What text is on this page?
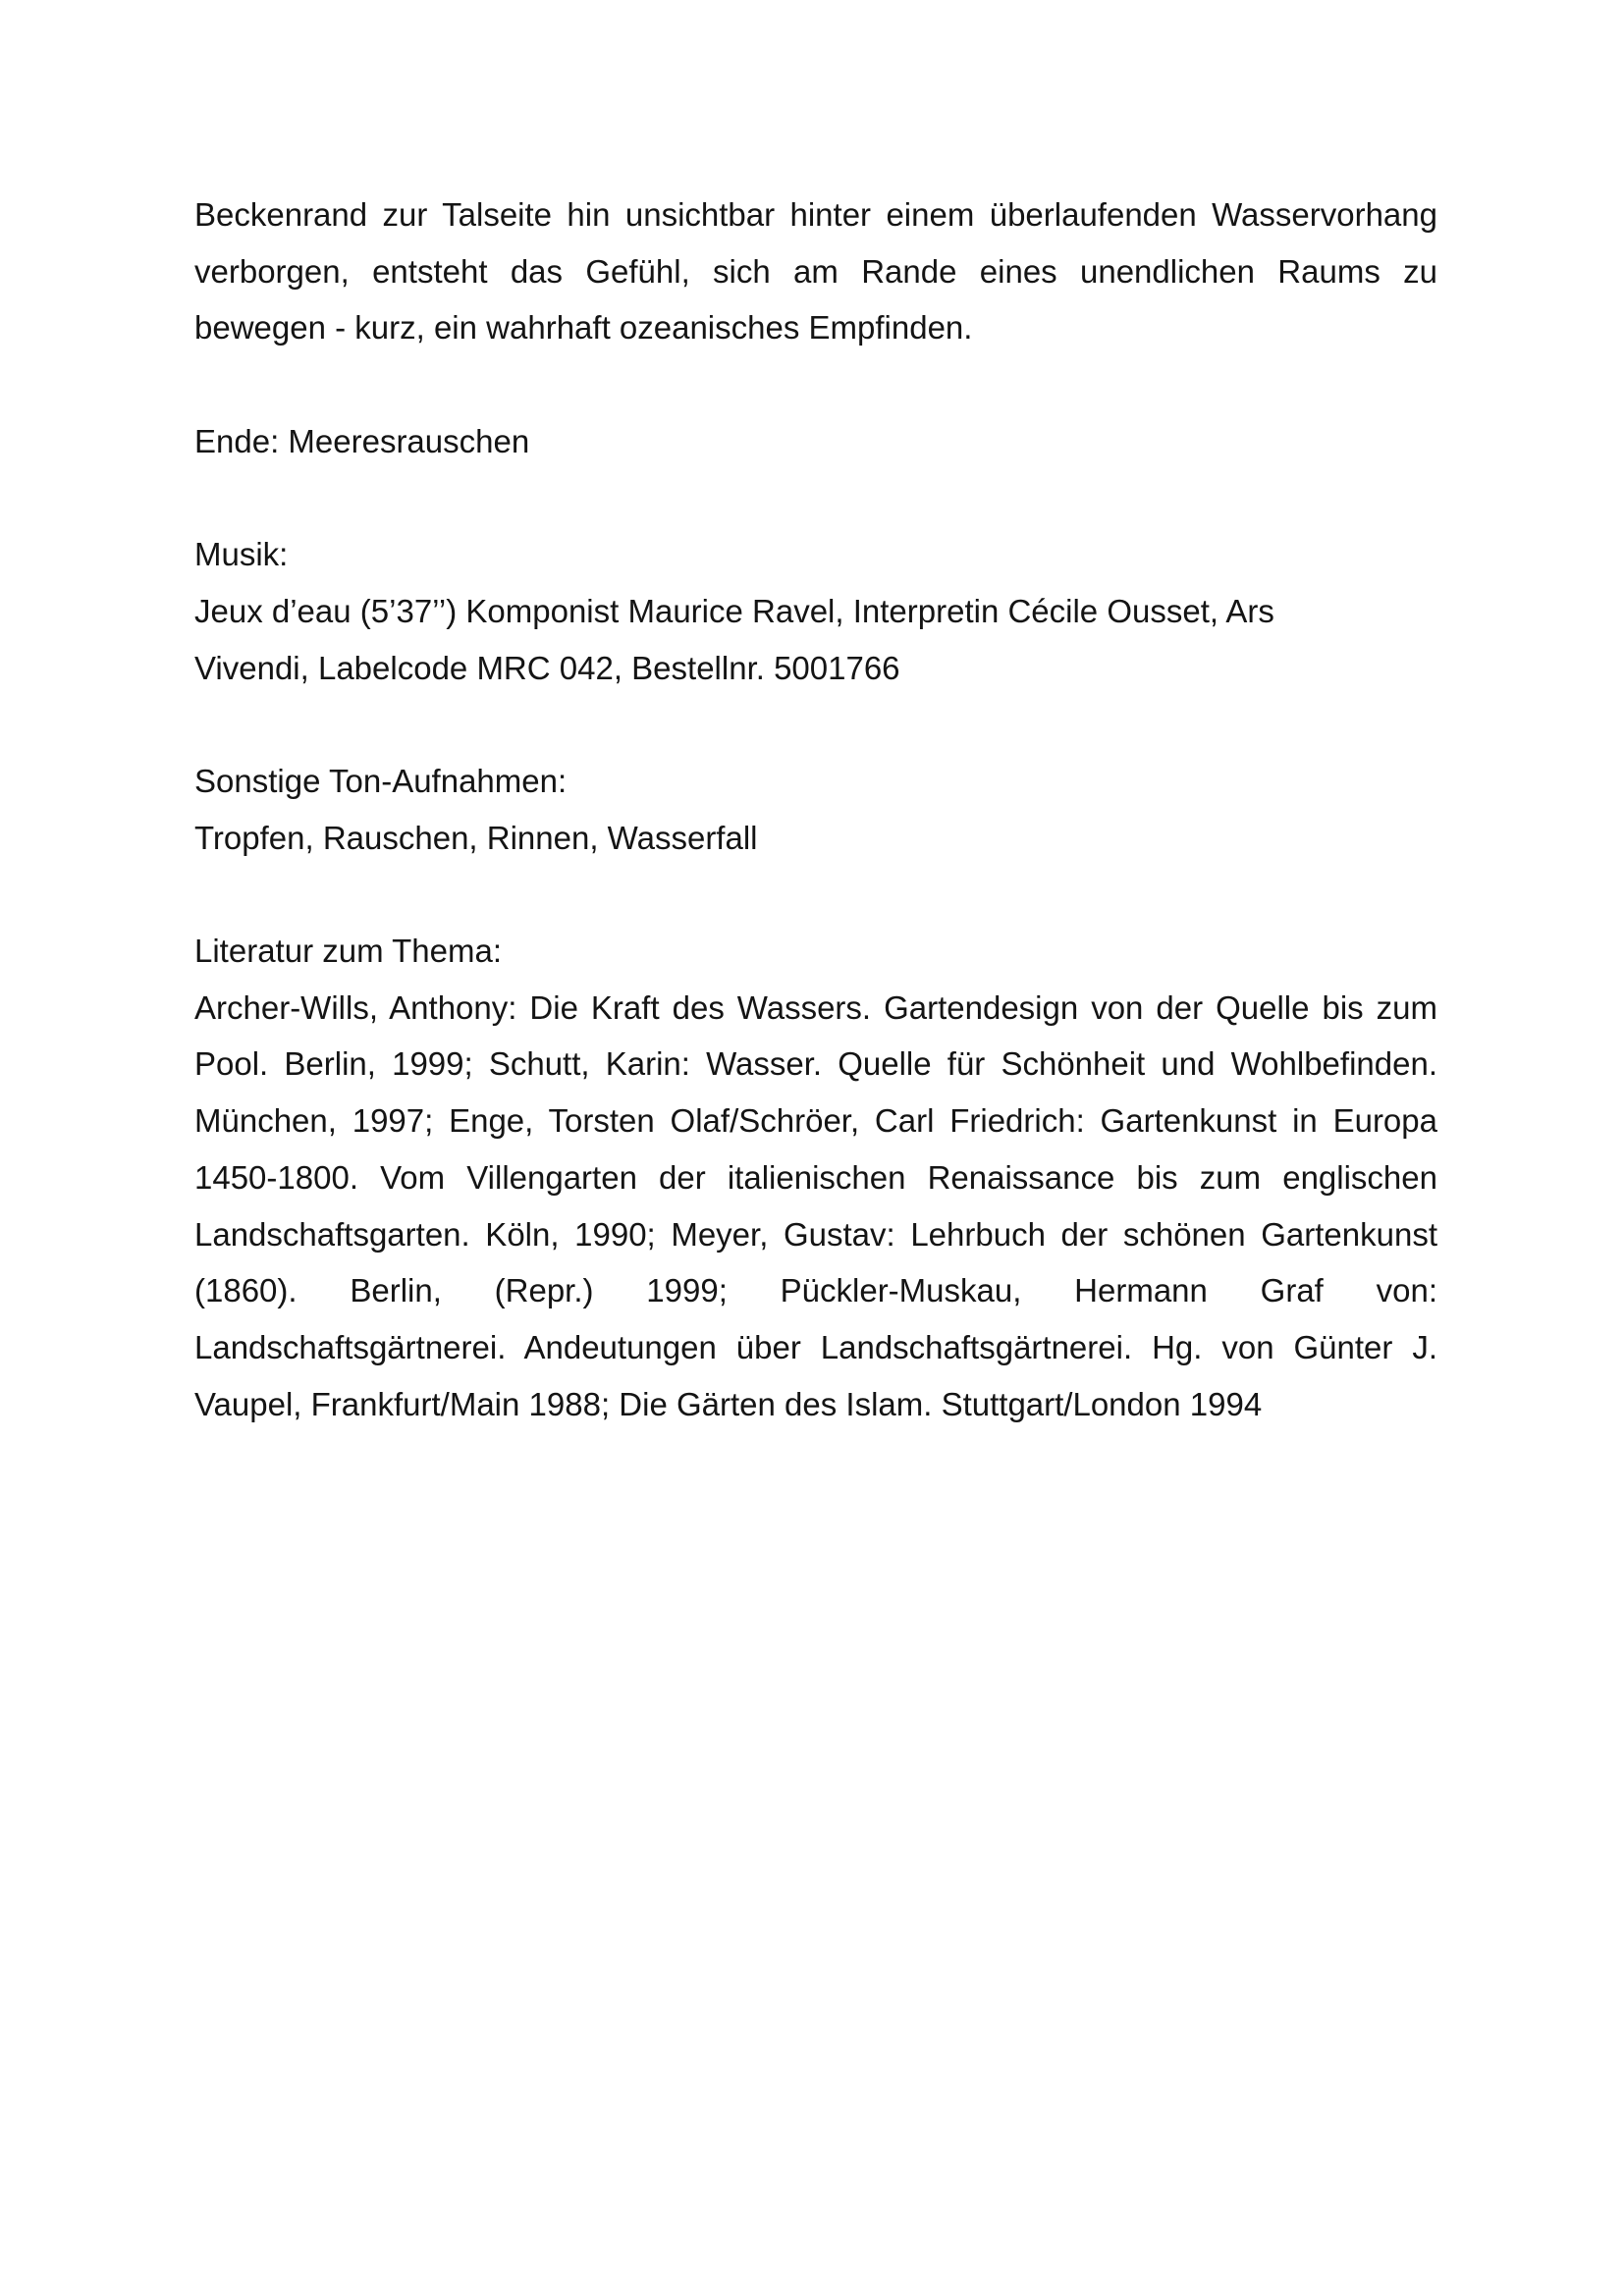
Beckenrand zur Talseite hin unsichtbar hinter einem überlaufenden Wasservorhang verborgen, entsteht das Gefühl, sich am Rande eines unendlichen Raums zu bewegen - kurz, ein wahrhaft ozeanisches Empfinden.

Ende: Meeresrauschen

Musik:
Jeux d’eau (5’37’’) Komponist Maurice Ravel, Interpretin Cécile Ousset, Ars
Vivendi, Labelcode MRC 042, Bestellnr. 5001766
Sonstige Ton-Aufnahmen:
Tropfen, Rauschen, Rinnen, Wasserfall
Literatur zum Thema:

Archer-Wills, Anthony: Die Kraft des Wassers. Gartendesign von der Quelle bis zum Pool. Berlin, 1999; Schutt, Karin: Wasser. Quelle für Schönheit und Wohlbefinden. München, 1997; Enge, Torsten Olaf/Schröer, Carl Friedrich: Gartenkunst in Europa 1450-1800. Vom Villengarten der italienischen Renaissance bis zum englischen Landschaftsgarten. Köln, 1990; Meyer, Gustav: Lehrbuch der schönen Gartenkunst (1860). Berlin, (Repr.) 1999; Pückler-Muskau, Hermann Graf von: Landschaftsgärtnerei. Andeutungen über Landschaftsgärtnerei. Hg. von Günter J. Vaupel, Frankfurt/Main 1988; Die Gärten des Islam. Stuttgart/London 1994
